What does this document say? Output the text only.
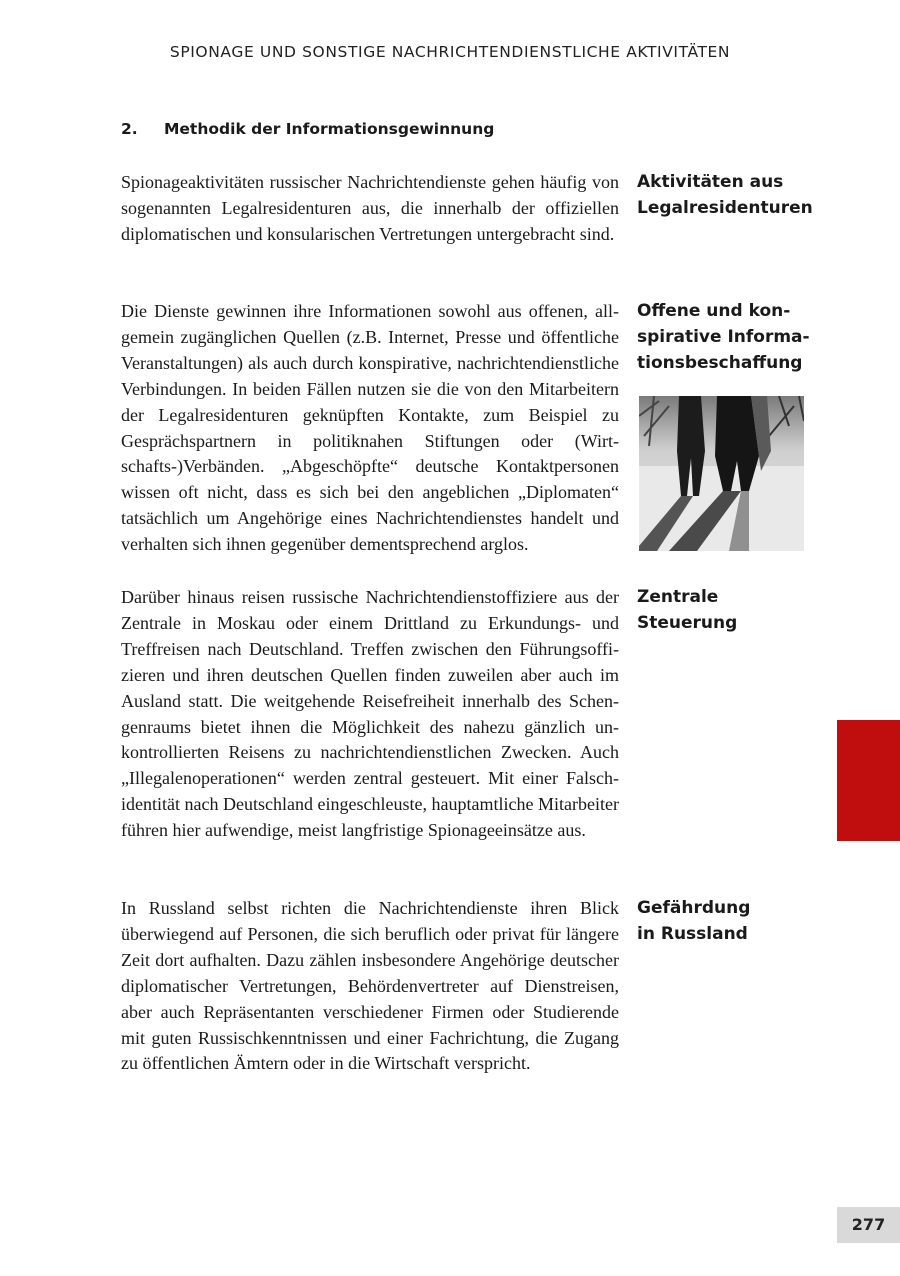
SPIONAGE UND SONSTIGE NACHRICHTENDIENSTLICHE AKTIVITÄTEN
2. Methodik der Informationsgewinnung

Spionageaktivitäten russischer Nachrichtendienste gehen häufig von sogenannten Legalresidenturen aus, die innerhalb der offiziellen diplomatischen und konsularischen Vertretungen untergebracht sind.

Die Dienste gewinnen ihre Informationen sowohl aus offenen, allgemein zugänglichen Quellen (z.B. Internet, Presse und öffentliche Veranstaltungen) als auch durch konspirative, nachrichtendienstliche Verbindungen. In beiden Fällen nutzen sie die von den Mitarbeitern der Legalresidenturen geknüpften Kontakte, zum Beispiel zu Gesprächspartnern in politiknahen Stiftungen oder (Wirtschafts-)Verbänden. „Abgeschöpfte“ deutsche Kontaktpersonen wissen oft nicht, dass es sich bei den angeblichen „Diplomaten“ tatsächlich um Angehörige eines Nachrichtendienstes handelt und verhalten sich ihnen gegenüber dementsprechend arglos.

Darüber hinaus reisen russische Nachrichtendienstoffiziere aus der Zentrale in Moskau oder einem Drittland zu Erkundungs- und Treffreisen nach Deutschland. Treffen zwischen den Führungsoffizieren und ihren deutschen Quellen finden zuweilen aber auch im Ausland statt. Die weitgehende Reisefreiheit innerhalb des Schengenraums bietet ihnen die Möglichkeit des nahezu gänzlich unkontrollierten Reisens zu nachrichtendienstlichen Zwecken. Auch „Illegalenoperationen“ werden zentral gesteuert. Mit einer Falschidentität nach Deutschland eingeschleuste, hauptamtliche Mitarbeiter führen hier aufwendige, meist langfristige Spionageeinsätze aus.

In Russland selbst richten die Nachrichtendienste ihren Blick überwiegend auf Personen, die sich beruflich oder privat für längere Zeit dort aufhalten. Dazu zählen insbesondere Angehörige deutscher diplomatischer Vertretungen, Behördenvertreter auf Dienstreisen, aber auch Repräsentanten verschiedener Firmen oder Studierende mit guten Russischkenntnissen und einer Fachrichtung, die Zugang zu öffentlichen Ämtern oder in die Wirtschaft verspricht.

Aktivitäten aus
Legalresidenturen
Offene und kon-
spirative Informa-
tionsbeschaffung
Zentrale
Steuerung
Gefährdung
in Russland
277
